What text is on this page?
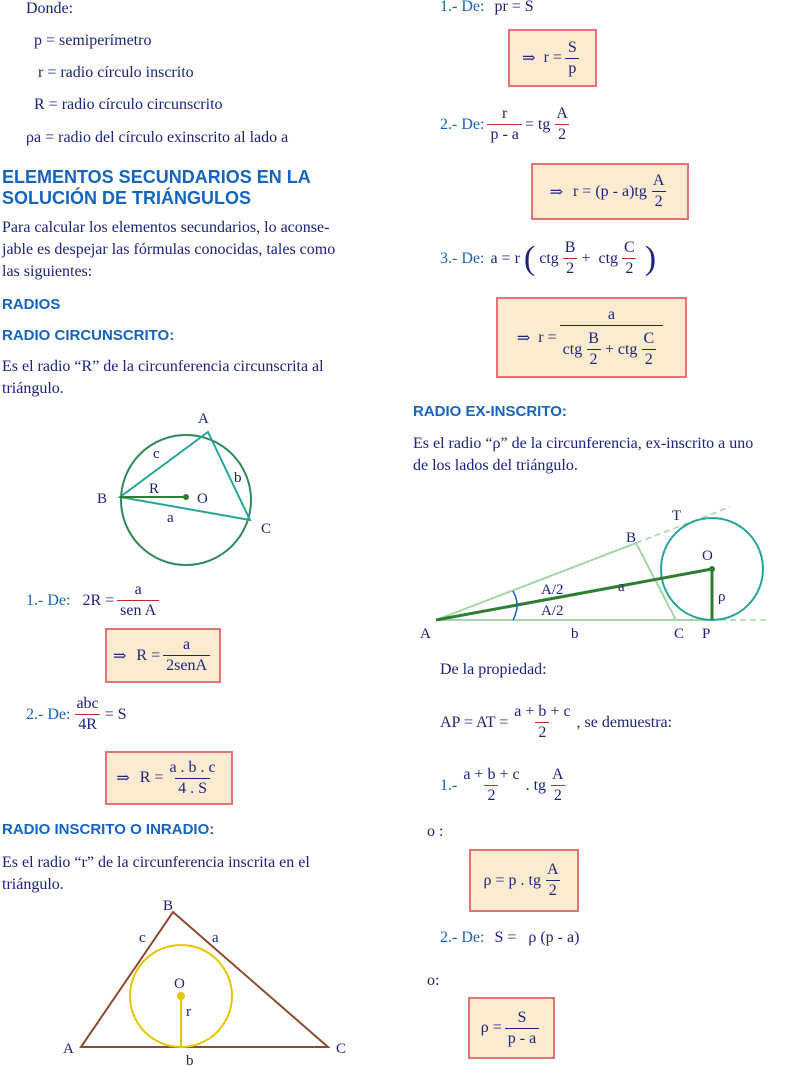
Donde:
p = semiperímetro
r = radio círculo inscrito
R = radio círculo circunscrito
ρa = radio del círculo exinscrito al lado a
ELEMENTOS SECUNDARIOS EN LA
SOLUCIÓN DE TRIÁNGULOS
Para calcular los elementos secundarios, lo aconse-
jable es despejar las fórmulas conocidas, tales como
las siguientes:
RADIOS
RADIO CIRCUNSCRITO:
Es el radio “R” de la circunferencia circunscrita al
triángulo.
A
B
C
O
R
a
b
c
1.- De: $2R = \frac{a}{\text{sen A}}$
⇒ $R = \frac{a}{\text{2senA}}$
2.- De: $\frac{\text{abc}}{4R} = S$
⇒ $R = \frac{a . b . c}{4 . S}$
RADIO INSCRITO O INRADIO:
Es el radio “r” de la circunferencia inscrita en el
triángulo.
B
A	C
O
r
a
c
b
1.- De: pr = S
⇒ $r = \frac{S}{p}$
2.- De: $\frac{r}{p - a}$ = tg $\frac{A}{2}$
⇒ $r = (p - a)tg \frac{A}{2}$
3.- De: a = r ( ctg $\frac{B}{2}$ +  ctg $\frac{C}{2}$ )
⇒ $r = \frac{a}{ctg \frac{B}{2} + ctg \frac{C}{2}}$
RADIO EX-INSCRITO:
Es el radio “ρ” de la circunferencia, ex-inscrito a uno
de los lados del triángulo.
T
B
O
a
A/2
A/2
ρ
A	b	C P
De la propiedad:
AP = AT = $\frac{a + b + c}{2}$ , se demuestra:
$1.- \frac{a + b + c}{2}$ . tg $\frac{A}{2}$
o :
ρ = p . tg $\frac{A}{2}$
2.- De: S =   ρ (p - a)
o:
$\rho = \frac{S}{p - a}$
